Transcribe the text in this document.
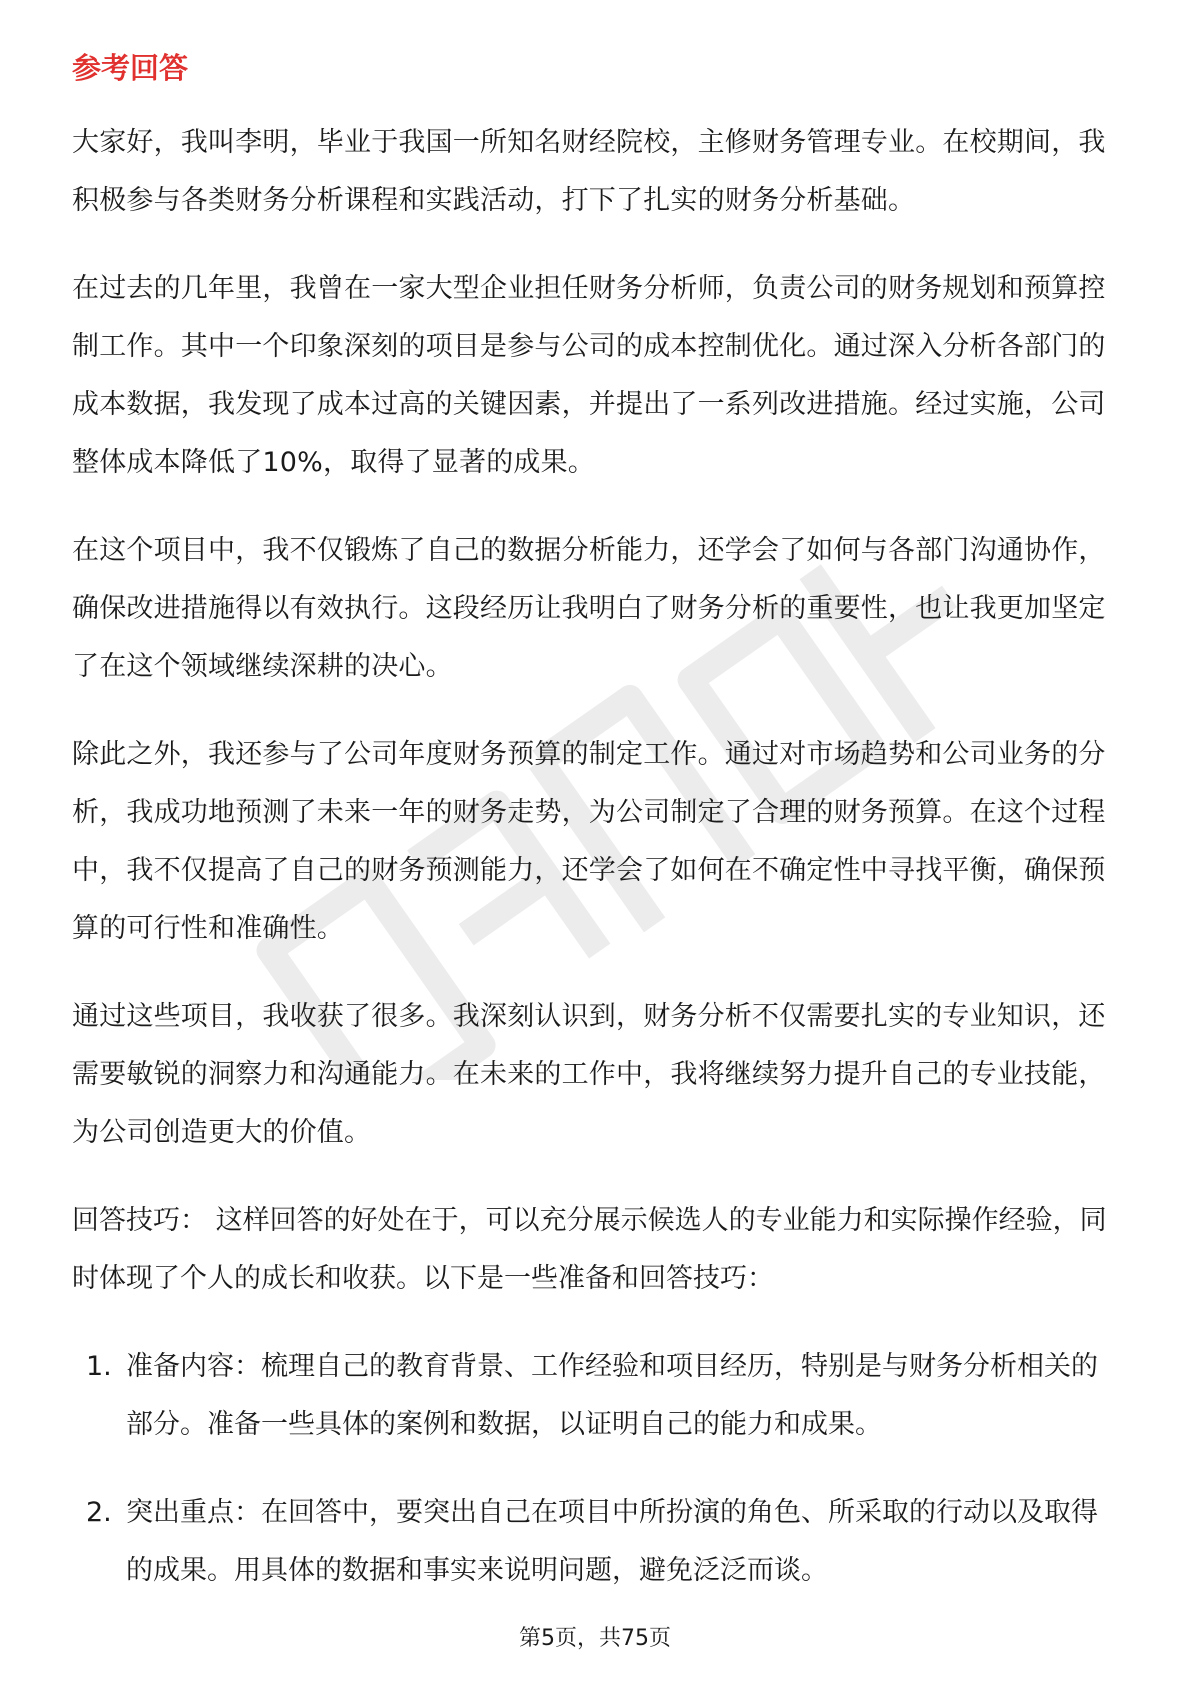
参考回答

大家好，我叫李明，毕业于我国一所知名财经院校，主修财务管理专业。在校期间，我积极参与各类财务分析课程和实践活动，打下了扎实的财务分析基础。

在过去的几年里，我曾在一家大型企业担任财务分析师，负责公司的财务规划和预算控制工作。其中一个印象深刻的项目是参与公司的成本控制优化。通过深入分析各部门的成本数据，我发现了成本过高的关键因素，并提出了一系列改进措施。经过实施，公司整体成本降低了10%，取得了显著的成果。

在这个项目中，我不仅锻炼了自己的数据分析能力，还学会了如何与各部门沟通协作，确保改进措施得以有效执行。这段经历让我明白了财务分析的重要性，也让我更加坚定了在这个领域继续深耕的决心。

除此之外，我还参与了公司年度财务预算的制定工作。通过对市场趋势和公司业务的分析，我成功地预测了未来一年的财务走势，为公司制定了合理的财务预算。在这个过程中，我不仅提高了自己的财务预测能力，还学会了如何在不确定性中寻找平衡，确保预算的可行性和准确性。

通过这些项目，我收获了很多。我深刻认识到，财务分析不仅需要扎实的专业知识，还需要敏锐的洞察力和沟通能力。在未来的工作中，我将继续努力提升自己的专业技能，为公司创造更大的价值。

回答技巧： 这样回答的好处在于，可以充分展示候选人的专业能力和实际操作经验，同时体现了个人的成长和收获。以下是一些准备和回答技巧：

1. 准备内容：梳理自己的教育背景、工作经验和项目经历，特别是与财务分析相关的部分。准备一些具体的案例和数据，以证明自己的能力和成果。
2. 突出重点：在回答中，要突出自己在项目中所扮演的角色、所采取的行动以及取得的成果。用具体的数据和事实来说明问题，避免泛泛而谈。
第5页，共75页
